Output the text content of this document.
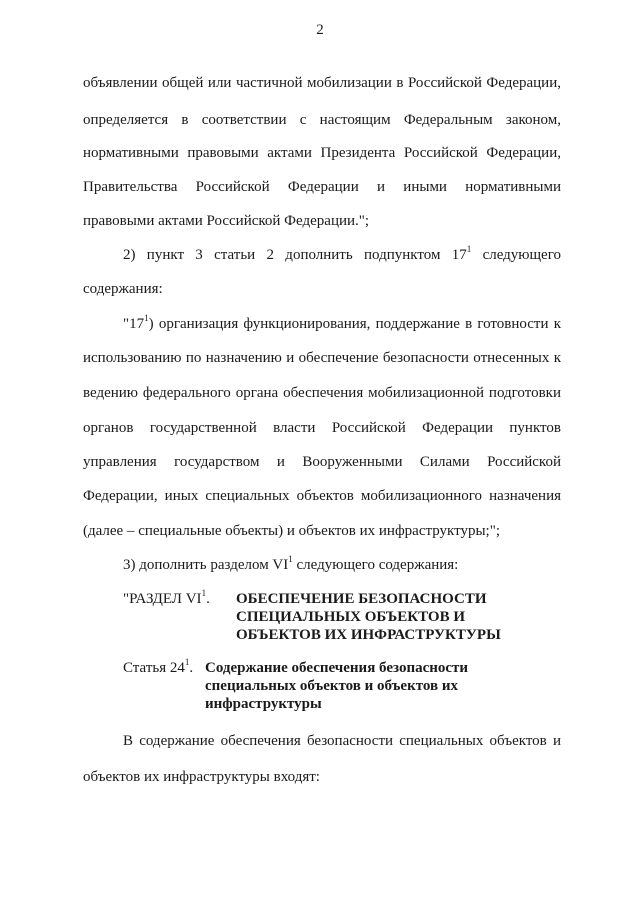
2
объявлении общей или частичной мобилизации в Российской Федерации,
определяется в соответствии с настоящим Федеральным законом,
нормативными правовыми актами Президента Российской Федерации,
Правительства Российской Федерации и иными нормативными
правовыми актами Российской Федерации.";
2) пункт 3 статьи 2 дополнить подпунктом $17^1$ следующего
содержания:
"$17^1$) организация функционирования, поддержание в готовности к
использованию по назначению и обеспечение безопасности отнесенных к
ведению федерального органа обеспечения мобилизационной подготовки
органов государственной власти Российской Федерации пунктов
управления государством и Вооруженными Силами Российской
Федерации, иных специальных объектов мобилизационного назначения
(далее – специальные объекты) и объектов их инфраструктуры;";
3) дополнить разделом $VI^1$ следующего содержания:
"РАЗДЕЛ $VI^1$. ОБЕСПЕЧЕНИЕ БЕЗОПАСНОСТИ
СПЕЦИАЛЬНЫХ ОБЪЕКТОВ И
ОБЪЕКТОВ ИХ ИНФРАСТРУКТУРЫ
Статья $24^1$. Содержание обеспечения безопасности
специальных объектов и объектов их
инфраструктуры
В содержание обеспечения безопасности специальных объектов и
объектов их инфраструктуры входят:
